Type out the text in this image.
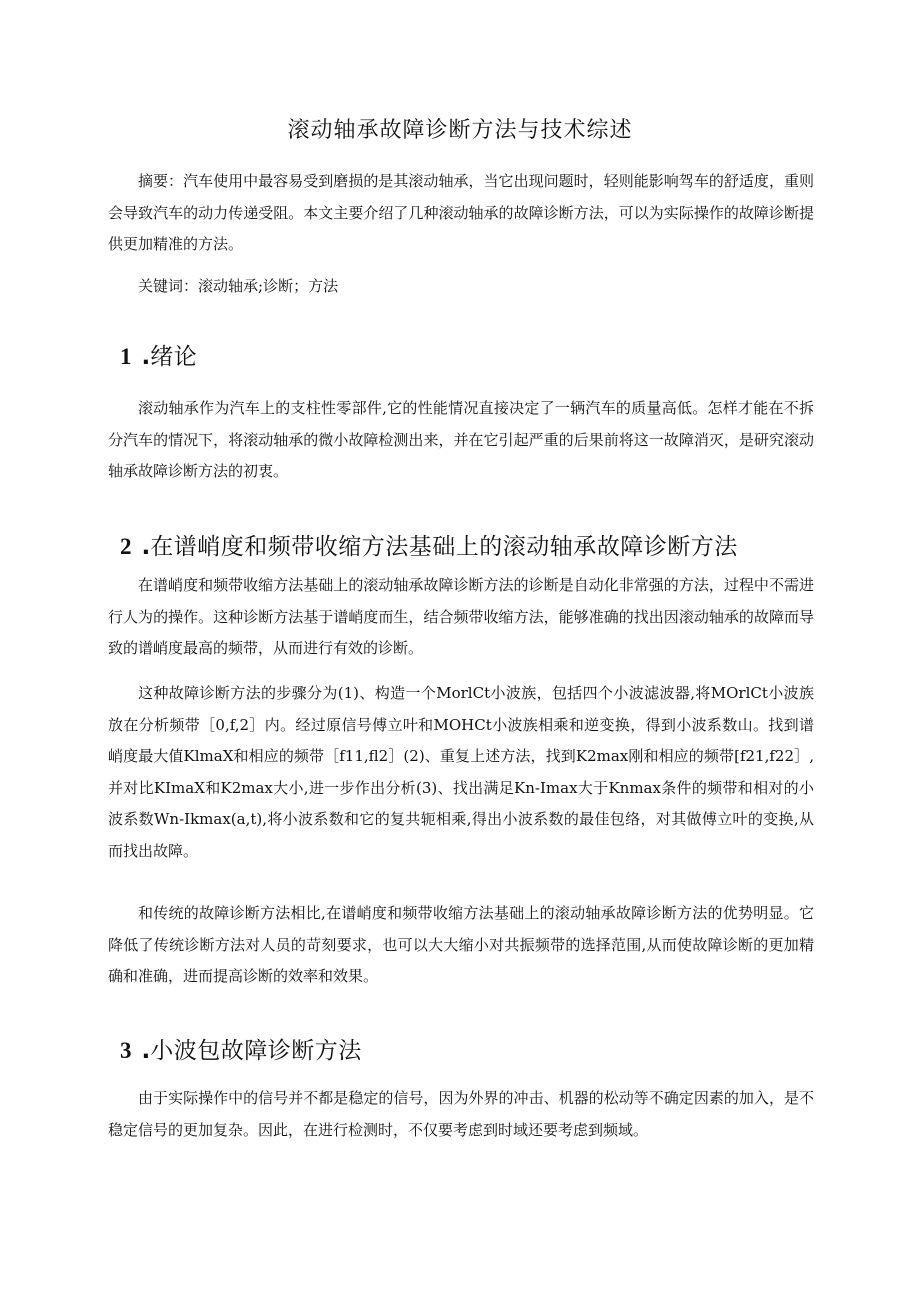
滚动轴承故障诊断方法与技术综述

摘要：汽车使用中最容易受到磨损的是其滚动轴承，当它出现问题时，轻则能影响驾车的舒适度，重则会导致汽车的动力传递受阻。本文主要介绍了几种滚动轴承的故障诊断方法，可以为实际操作的故障诊断提供更加精准的方法。

关键词：滚动轴承;诊断；方法

1 .绪论

滚动轴承作为汽车上的支柱性零部件,它的性能情况直接决定了一辆汽车的质量高低。怎样才能在不拆分汽车的情况下，将滚动轴承的微小故障检测出来，并在它引起严重的后果前将这一故障消灭，是研究滚动轴承故障诊断方法的初衷。

2 .在谱峭度和频带收缩方法基础上的滚动轴承故障诊断方法

在谱峭度和频带收缩方法基础上的滚动轴承故障诊断方法的诊断是自动化非常强的方法，过程中不需进行人为的操作。这种诊断方法基于谱峭度而生，结合频带收缩方法，能够准确的找出因滚动轴承的故障而导致的谱峭度最高的频带，从而进行有效的诊断。

这种故障诊断方法的步骤分为(1)、构造一个MorlCt小波族，包括四个小波滤波器,将MOrlCt小波族放在分析频带［0,f,2］内。经过原信号傅立叶和MOHCt小波族相乘和逆变换，得到小波系数山。找到谱峭度最大值KlmaX和相应的频带［f11,fl2］(2)、重复上述方法，找到K2max刚和相应的频带[f21,f22］,并对比KImaX和K2max大小,进一步作出分析(3)、找出满足Kn-Imax大于Knmax条件的频带和相对的小波系数Wn-Ikmax(a,t),将小波系数和它的复共轭相乘,得出小波系数的最佳包络，对其做傅立叶的变换,从而找出故障。

和传统的故障诊断方法相比,在谱峭度和频带收缩方法基础上的滚动轴承故障诊断方法的优势明显。它降低了传统诊断方法对人员的苛刻要求，也可以大大缩小对共振频带的选择范围,从而使故障诊断的更加精确和准确，进而提高诊断的效率和效果。

3 .小波包故障诊断方法

由于实际操作中的信号并不都是稳定的信号，因为外界的冲击、机器的松动等不确定因素的加入，是不稳定信号的更加复杂。因此，在进行检测时，不仅要考虑到时域还要考虑到频域。
